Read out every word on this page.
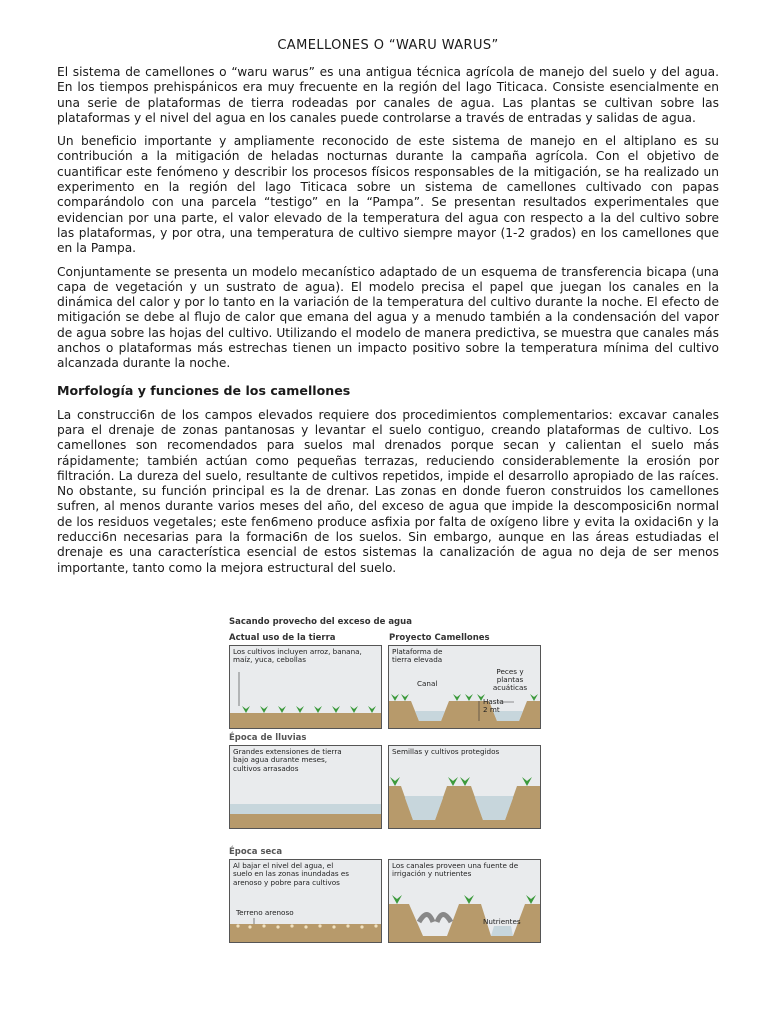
CAMELLONES O “WARU WARUS”

El sistema de camellones o “waru warus” es una antigua técnica agrícola de manejo del suelo y del agua. En los tiempos prehispánicos era muy frecuente en la región del lago Titicaca. Consiste esencialmente en una serie de plataformas de tierra rodeadas por canales de agua. Las plantas se cultivan sobre las plataformas y el nivel del agua en los canales puede controlarse a través de entradas y salidas de agua.

Un beneficio importante y ampliamente reconocido de este sistema de manejo en el altiplano es su contribución a la mitigación de heladas nocturnas durante la campaña agrícola. Con el objetivo de cuantificar este fenómeno y describir los procesos físicos responsables de la mitigación, se ha realizado un experimento en la región del lago Titicaca sobre un sistema de camellones cultivado con papas comparándolo con una parcela “testigo” en la “Pampa”. Se presentan resultados experimentales que evidencian por una parte, el valor elevado de la temperatura del agua con respecto a la del cultivo sobre las plataformas, y por otra, una temperatura de cultivo siempre mayor (1-2 grados) en los camellones que en la Pampa.

Conjuntamente se presenta un modelo mecanístico adaptado de un esquema de transferencia bicapa (una capa de vegetación y un sustrato de agua). El modelo precisa el papel que juegan los canales en la dinámica del calor y por lo tanto en la variación de la temperatura del cultivo durante la noche. El efecto de mitigación se debe al flujo de calor que emana del agua y a menudo también a la condensación del vapor de agua sobre las hojas del cultivo. Utilizando el modelo de manera predictiva, se muestra que canales más anchos o plataformas más estrechas tienen un impacto positivo sobre la temperatura mínima del cultivo alcanzada durante la noche.

Morfología y funciones de los camellones

La construcci6n de los campos elevados requiere dos procedimientos complementarios: excavar canales para el drenaje de zonas pantanosas y levantar el suelo contiguo, creando plataformas de cultivo. Los camellones son recomendados para suelos mal drenados porque secan y calientan el suelo más rápidamente; también actúan como pequeñas terrazas, reduciendo considerablemente la erosión por filtración. La dureza del suelo, resultante de cultivos repetidos, impide el desarrollo apropiado de las raíces. No obstante, su función principal es la de drenar. Las zonas en donde fueron construidos los camellones sufren, al menos durante varios meses del año, del exceso de agua que impide la descomposici6n normal de los residuos vegetales; este fen6meno produce asfixia por falta de oxígeno libre y evita la oxidaci6n y la reducci6n necesarias para la formaci6n de los suelos. Sin embargo, aunque en las áreas estudiadas el drenaje es una característica esencial de estos sistemas la canalización de agua no deja de ser menos importante, tanto como la mejora estructural del suelo.

Sacando provecho del exceso de agua
Actual uso de la tierra	Proyecto Camellones
Los cultivos incluyen arroz, banana, maíz, yuca, cebollas
Plataforma de tierra elevada
Canal
Peces y plantas acuáticas
Hasta 2 mt
Época de lluvias
Grandes extensiones de tierra bajo agua durante meses, cultivos arrasados
Semillas y cultivos protegidos
Época seca
Al bajar el nivel del agua, el suelo en las zonas inundadas es arenoso y pobre para cultivos
Terreno arenoso
Los canales proveen una fuente de irrigación y nutrientes
Nutrientes
